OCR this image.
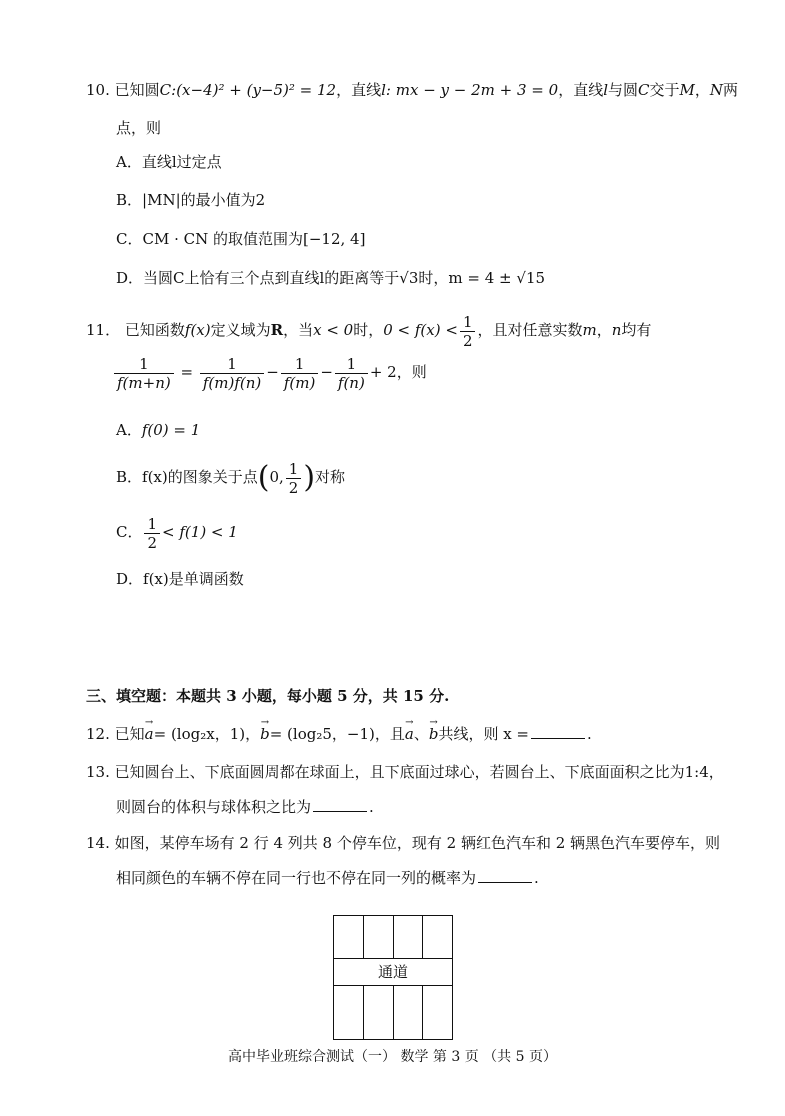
10. 已知圆C:(x−4)² + (y−5)² = 12，直线l: mx − y − 2m + 3 = 0，直线l与圆C交于M，N两
点，则
A．直线l过定点
B．|MN|的最小值为2
C．CM · CN 的取值范围为[−12, 4]
D．当圆C上恰有三个点到直线l的距离等于√3时，m = 4 ± √15
11． 已知函数f(x)定义域为R，当x < 0时，$0 < f(x) < \frac{1}{2}$ ，且对任意实数m，n均有
$\frac{1}{f(m+n)} = \frac{1}{f(m)f(n)} - \frac{1}{f(m)} - \frac{1}{f(n)} + 2$，则
A．f(0) = 1
B．f(x)的图象关于点(0, $\frac{1}{2}$ )对称
C． $\frac{1}{2} < f(1) < 1$
D．f(x)是单调函数
三、填空题：本题共 3 小题，每小题 5 分，共 15 分.
12. 已知→ a= (log₂x，1)，→ b= (log₂5，−1)，且→ a、→ b共线，则 x =	.
13. 已知圆台上、下底面圆周都在球面上，且下底面过球心，若圆台上、下底面面积之比为1:4，
则圆台的体积与球体积之比为	.
14. 如图，某停车场有 2 行 4 列共 8 个停车位，现有 2 辆红色汽车和 2 辆黑色汽车要停车，则
相同颜色的车辆不停在同一行也不停在同一列的概率为	.
通道
高中毕业班综合测试（一） 数学 第 3 页 （共 5 页）
